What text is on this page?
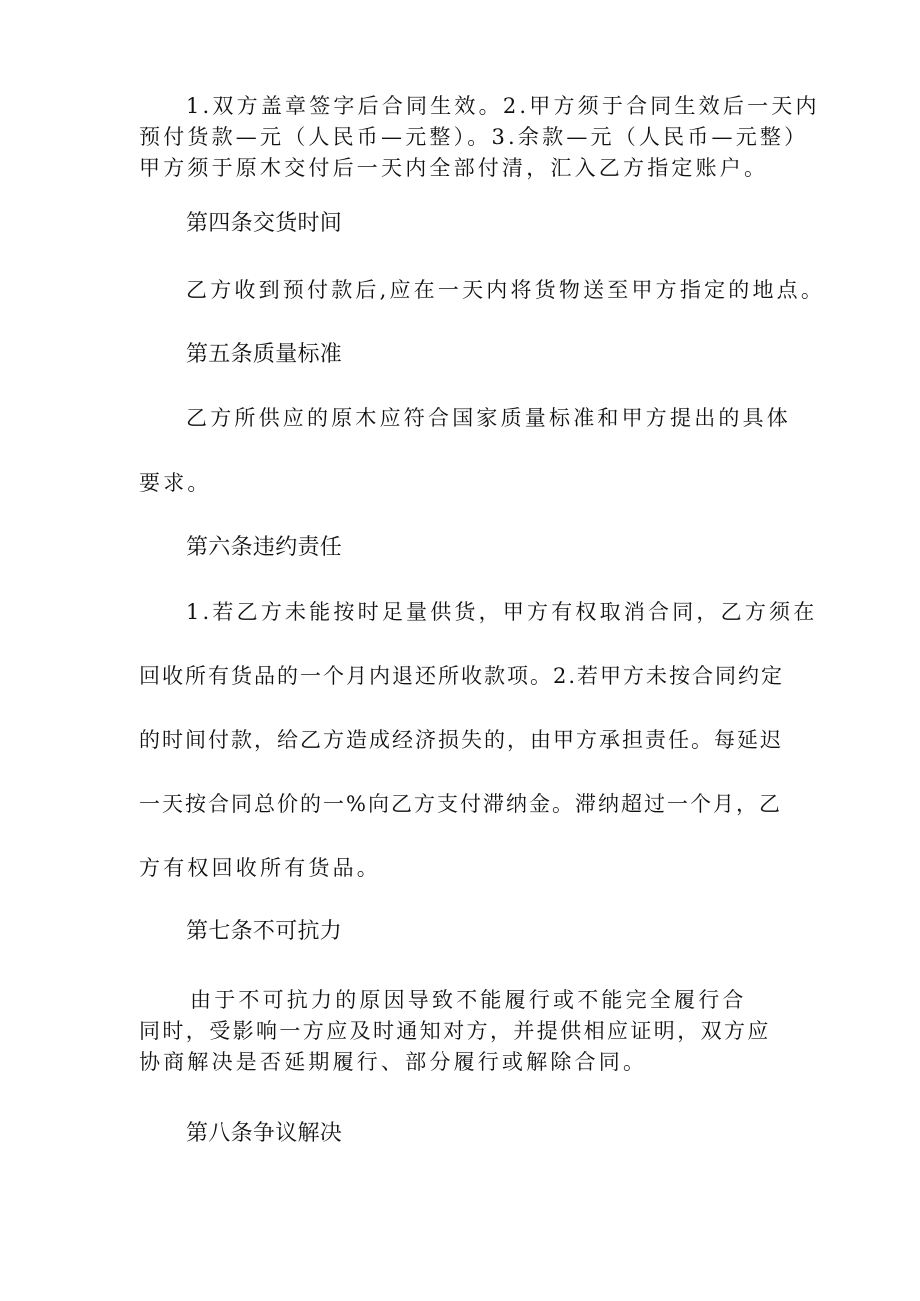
1.双方盖章签字后合同生效。2.甲方须于合同生效后一天内
预付货款—元（人民币—元整）。3.余款—元（人民币—元整）
甲方须于原木交付后一天内全部付清，汇入乙方指定账户。
第四条交货时间
乙方收到预付款后,应在一天内将货物送至甲方指定的地点。
第五条质量标准
乙方所供应的原木应符合国家质量标准和甲方提出的具体
要求。
第六条违约责任
1.若乙方未能按时足量供货，甲方有权取消合同，乙方须在
回收所有货品的一个月内退还所收款项。2.若甲方未按合同约定
的时间付款，给乙方造成经济损失的，由甲方承担责任。每延迟
一天按合同总价的一%向乙方支付滞纳金。滞纳超过一个月，乙
方有权回收所有货品。
第七条不可抗力
由于不可抗力的原因导致不能履行或不能完全履行合
同时，受影响一方应及时通知对方，并提供相应证明，双方应
协商解决是否延期履行、部分履行或解除合同。
第八条争议解决
